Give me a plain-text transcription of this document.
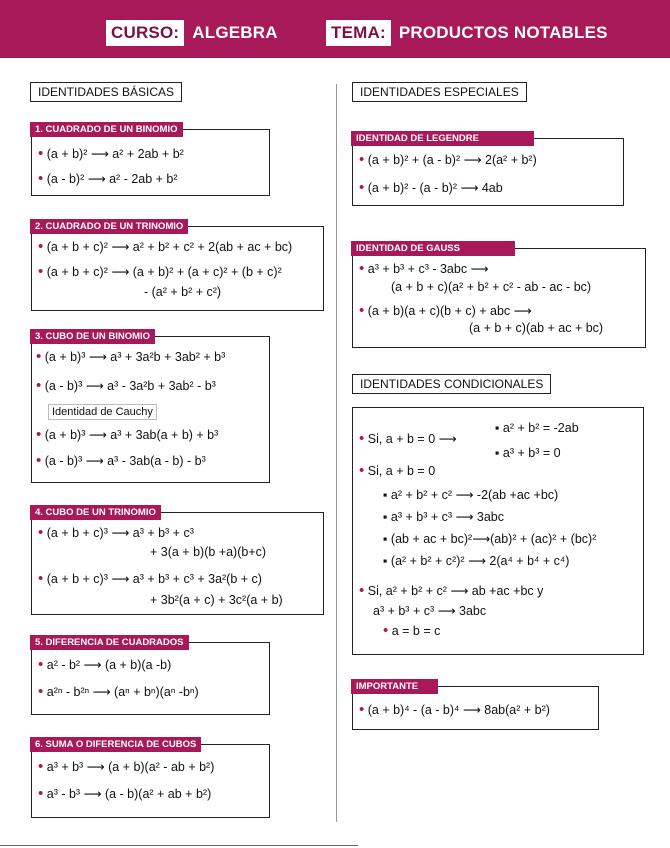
CURSO: ALGEBRA	TEMA: PRODUCTOS NOTABLES
IDENTIDADES BÁSICAS
1. CUADRADO DE UN BINOMIO
• (a + b)² ⟶ a² + 2ab + b²
• (a - b)² ⟶ a² - 2ab + b²
2. CUADRADO DE UN TRINOMIO
• (a + b + c)² ⟶ a² + b² + c² + 2(ab + ac + bc)
• (a + b + c)² ⟶ (a + b)² + (a + c)² + (b + c)²
- (a² + b² + c²)
3. CUBO DE UN BINOMIO
• (a + b)³ ⟶ a³ + 3a²b + 3ab² + b³
• (a - b)³ ⟶ a³ - 3a²b + 3ab² - b³
Identidad de Cauchy
• (a + b)³ ⟶ a³ + 3ab(a + b) + b³
• (a - b)³ ⟶ a³ - 3ab(a - b) - b³
4. CUBO DE UN TRINOMIO
• (a + b + c)³ ⟶ a³ + b³ + c³
+ 3(a + b)(b +a)(b+c)
• (a + b + c)³ ⟶ a³ + b³ + c³ + 3a²(b + c)
+ 3b²(a + c) + 3c²(a + b)
5. DIFERENCIA DE CUADRADOS
• a² - b² ⟶ (a + b)(a -b)
• a²ⁿ - b²ⁿ ⟶ (aⁿ + bⁿ)(aⁿ -bⁿ)
6. SUMA O DIFERENCIA DE CUBOS
• a³ + b³ ⟶ (a + b)(a² - ab + b²)
• a³ - b³ ⟶ (a - b)(a² + ab + b²)
IDENTIDADES ESPECIALES
IDENTIDAD DE LEGENDRE
• (a + b)² + (a - b)² ⟶ 2(a² + b²)
• (a + b)² - (a - b)² ⟶ 4ab
IDENTIDAD DE GAUSS
• a³ + b³ + c³ - 3abc ⟶
(a + b + c)(a² + b² + c² - ab - ac - bc)
• (a + b)(a + c)(b + c) + abc ⟶
(a + b + c)(ab + ac + bc)
IDENTIDADES CONDICIONALES
• Si, a + b = 0 ⟶
▪ a² + b² = -2ab
▪ a³ + b³ = 0
• Si, a + b = 0
▪ a² + b² + c² ⟶ -2(ab +ac +bc)
▪ a³ + b³ + c³ ⟶ 3abc
▪ (ab + ac + bc)²⟶(ab)² + (ac)² + (bc)²
▪ (a² + b² + c²)² ⟶ 2(a⁴ + b⁴ + c⁴)
• Si, a² + b² + c² ⟶ ab +ac +bc y
a³ + b³ + c³ ⟶ 3abc
• a = b = c
IMPORTANTE
• (a + b)⁴ - (a - b)⁴ ⟶ 8ab(a² + b²)
